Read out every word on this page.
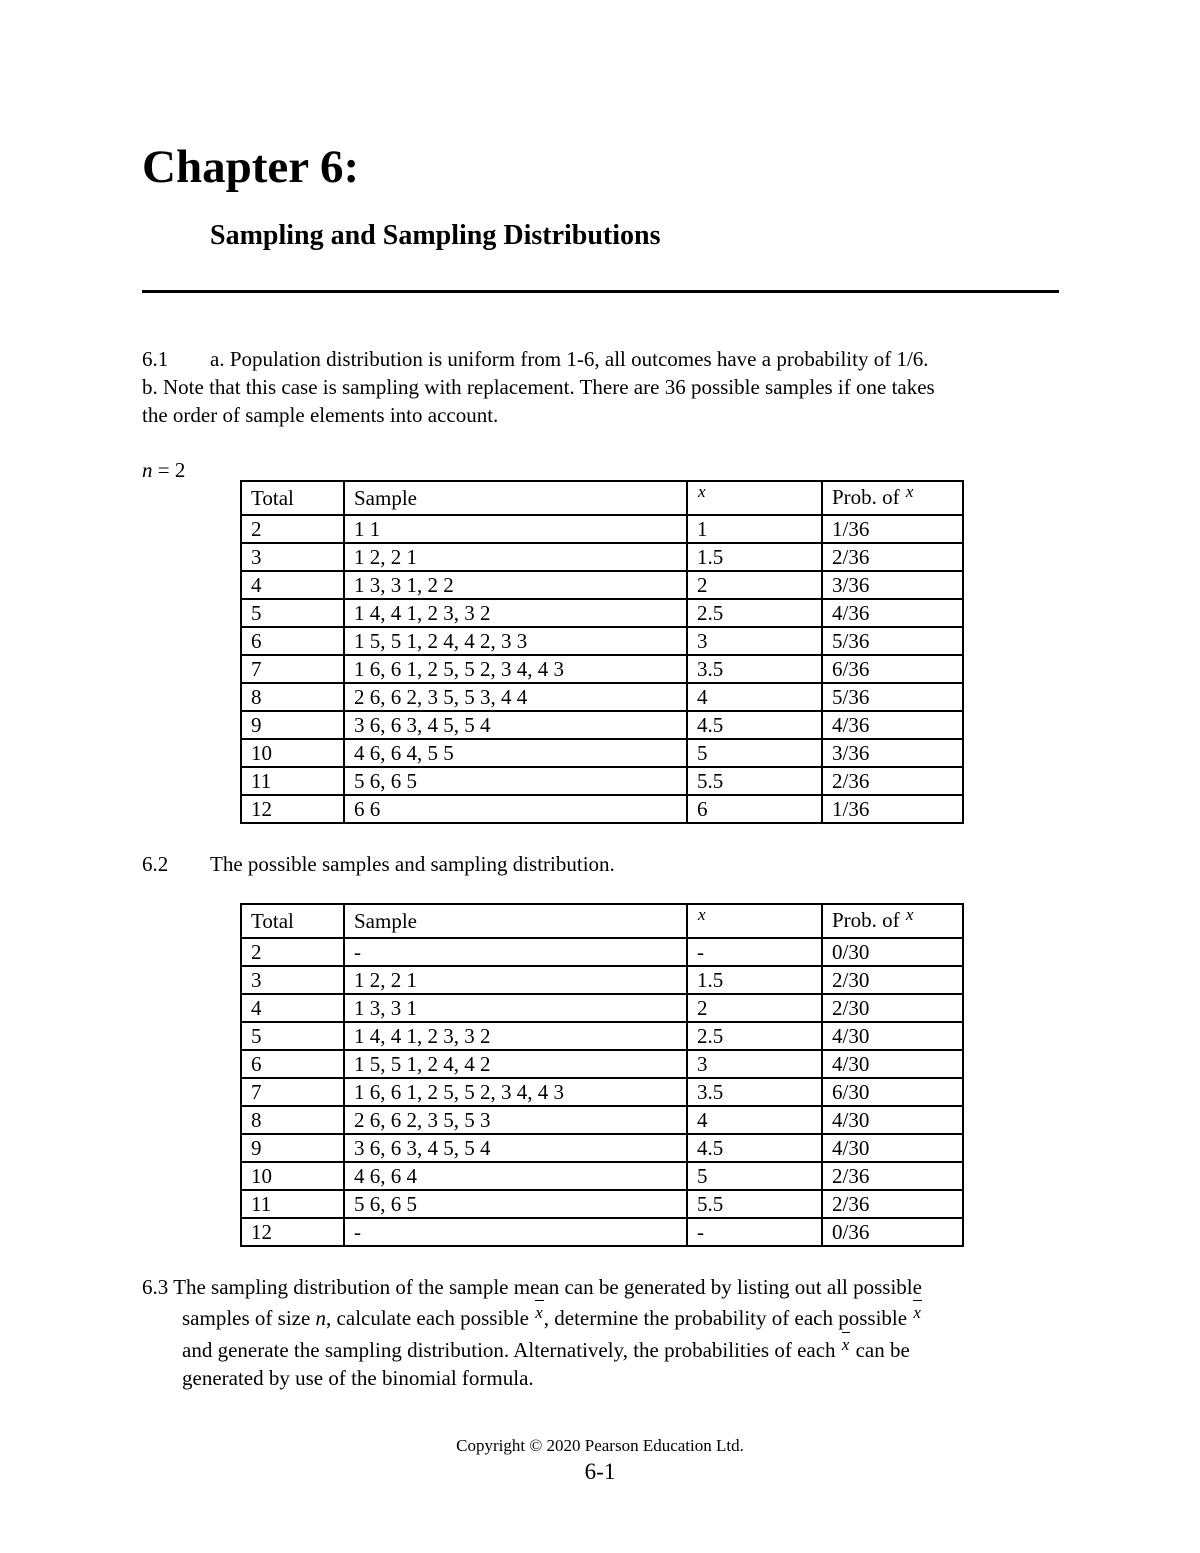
Chapter 6:
Sampling and Sampling Distributions
6.1 a. Population distribution is uniform from 1-6, all outcomes have a probability of 1/6.
b. Note that this case is sampling with replacement. There are 36 possible samples if one takes
the order of sample elements into account.
n = 2
Total	Sample	x	Prob. of x
2	1 1	1	1/36
3	1 2, 2 1	1.5	2/36
4	1 3, 3 1, 2 2	2	3/36
5	1 4, 4 1, 2 3, 3 2	2.5	4/36
6	1 5, 5 1, 2 4, 4 2, 3 3	3	5/36
7	1 6, 6 1, 2 5, 5 2, 3 4, 4 3	3.5	6/36
8	2 6, 6 2, 3 5, 5 3, 4 4	4	5/36
9	3 6, 6 3, 4 5, 5 4	4.5	4/36
10	4 6, 6 4, 5 5	5	3/36
11	5 6, 6 5	5.5	2/36
12	6 6	6	1/36
6.2 The possible samples and sampling distribution.
Total	Sample	x	Prob. of x
2	-	-	0/30
3	1 2, 2 1	1.5	2/30
4	1 3, 3 1	2	2/30
5	1 4, 4 1, 2 3, 3 2	2.5	4/30
6	1 5, 5 1, 2 4, 4 2	3	4/30
7	1 6, 6 1, 2 5, 5 2, 3 4, 4 3	3.5	6/30
8	2 6, 6 2, 3 5, 5 3	4	4/30
9	3 6, 6 3, 4 5, 5 4	4.5	4/30
10	4 6, 6 4	5	2/36
11	5 6, 6 5	5.5	2/36
12	-	-	0/36
6.3 The sampling distribution of the sample mean can be generated by listing out all possible
samples of size n, calculate each possible x, determine the probability of each possible x
and generate the sampling distribution. Alternatively, the probabilities of each x can be
generated by use of the binomial formula.
Copyright © 2020 Pearson Education Ltd.
6-1
